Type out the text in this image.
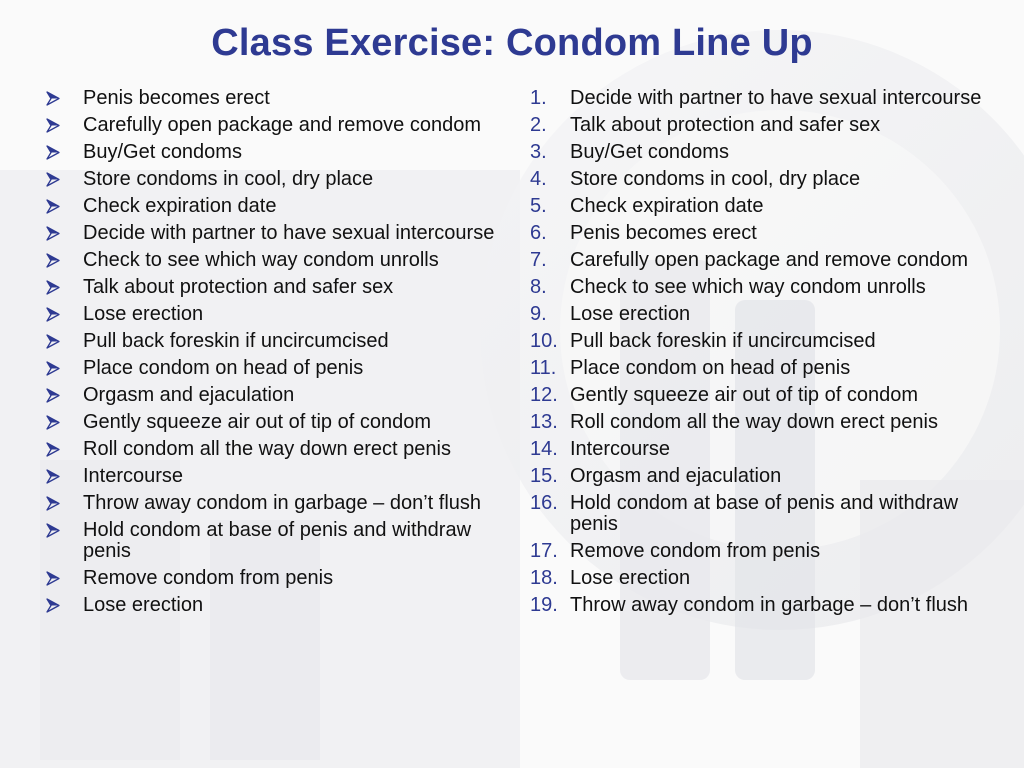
Class Exercise: Condom Line Up
Penis becomes erect
Carefully open package and remove condom
Buy/Get condoms
Store condoms in cool, dry place
Check expiration date
Decide with partner to have sexual intercourse
Check to see which way condom unrolls
Talk about protection and safer sex
Lose erection
Pull back foreskin if uncircumcised
Place condom on head of penis
Orgasm and ejaculation
Gently squeeze air out of tip of condom
Roll condom all the way down erect penis
Intercourse
Throw away condom in garbage – don’t flush
Hold condom at base of penis and withdraw penis
Remove condom from penis
Lose erection
1.	Decide with partner to have sexual intercourse
2.	Talk about protection and safer sex
3.	Buy/Get condoms
4.	Store condoms in cool, dry place
5.	Check expiration date
6.	Penis becomes erect
7.	Carefully open package and remove condom
8.	Check to see which way condom unrolls
9.	Lose erection
10. Pull back foreskin if uncircumcised
11. Place condom on head of penis
12. Gently squeeze air out of tip of condom
13. Roll condom all the way down erect penis
14. Intercourse
15. Orgasm and ejaculation
16. Hold condom at base of penis and withdraw penis
17. Remove condom from penis
18. Lose erection
19. Throw away condom in garbage – don’t flush
